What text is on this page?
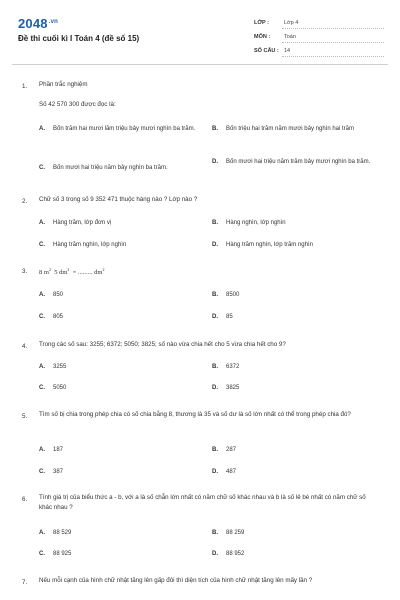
$2048^{.vn}$
Đề thi cuối kì I Toán 4 (đề số 15)
LỚP :	Lớp 4
MÔN :	Toán
SỐ CÂU : 14
1. Phần trắc nghiệm
Số 42 570 300 được đọc là:
A.	Bốn trăm hai mươi lăm triệu bảy mươi nghìn ba trăm.	B.	Bốn triệu hai trăm năm mươi bảy nghìn hai trăm
C.	Bốn mươi hai triệu năm bảy nghìn ba trăm.
D.	Bốn mươi hai triệu năm trăm bảy mươi nghìn ba trăm.
2. Chữ số 3 trong số 9 352 471 thuộc hàng nào ? Lớp nào ?
A.	Hàng trăm, lớp đơn vị	B.	Hàng nghìn, lớp nghìn
C.	Hàng trăm nghìn, lớp nghìn	D.	Hàng trăm nghìn, lớp trăm nghìn
3. 8 $m^2$ 5 $dm^2$ = ......... $dm^2$
A.	850	B.	8500
C.	805	D.	85
4. Trong các số sau: 3255; 6372; 5050; 3825; số nào vừa chia hết cho 5 vừa chia hết cho 9?
A.	3255	B.	6372
C.	5050	D.	3825
5. Tìm số bị chia trong phép chia có số chia bằng 8, thương là 35 và số dư là số lớn nhất có thể trong phép chia đó?
A.	187	B.	287
C.	387	D.	487
6. Tính giá trị của biểu thức a - b, với a là số chẵn lớn nhất có năm chữ số khác nhau và b là số lẻ bé nhất có năm chữ số khác nhau ?
A.	88 529	B.	88 259
C.	88 925	D.	88 952
7. Nếu mỗi cạnh của hình chữ nhật tăng lên gấp đôi thì diện tích của hình chữ nhật tăng lên mấy lần ?
